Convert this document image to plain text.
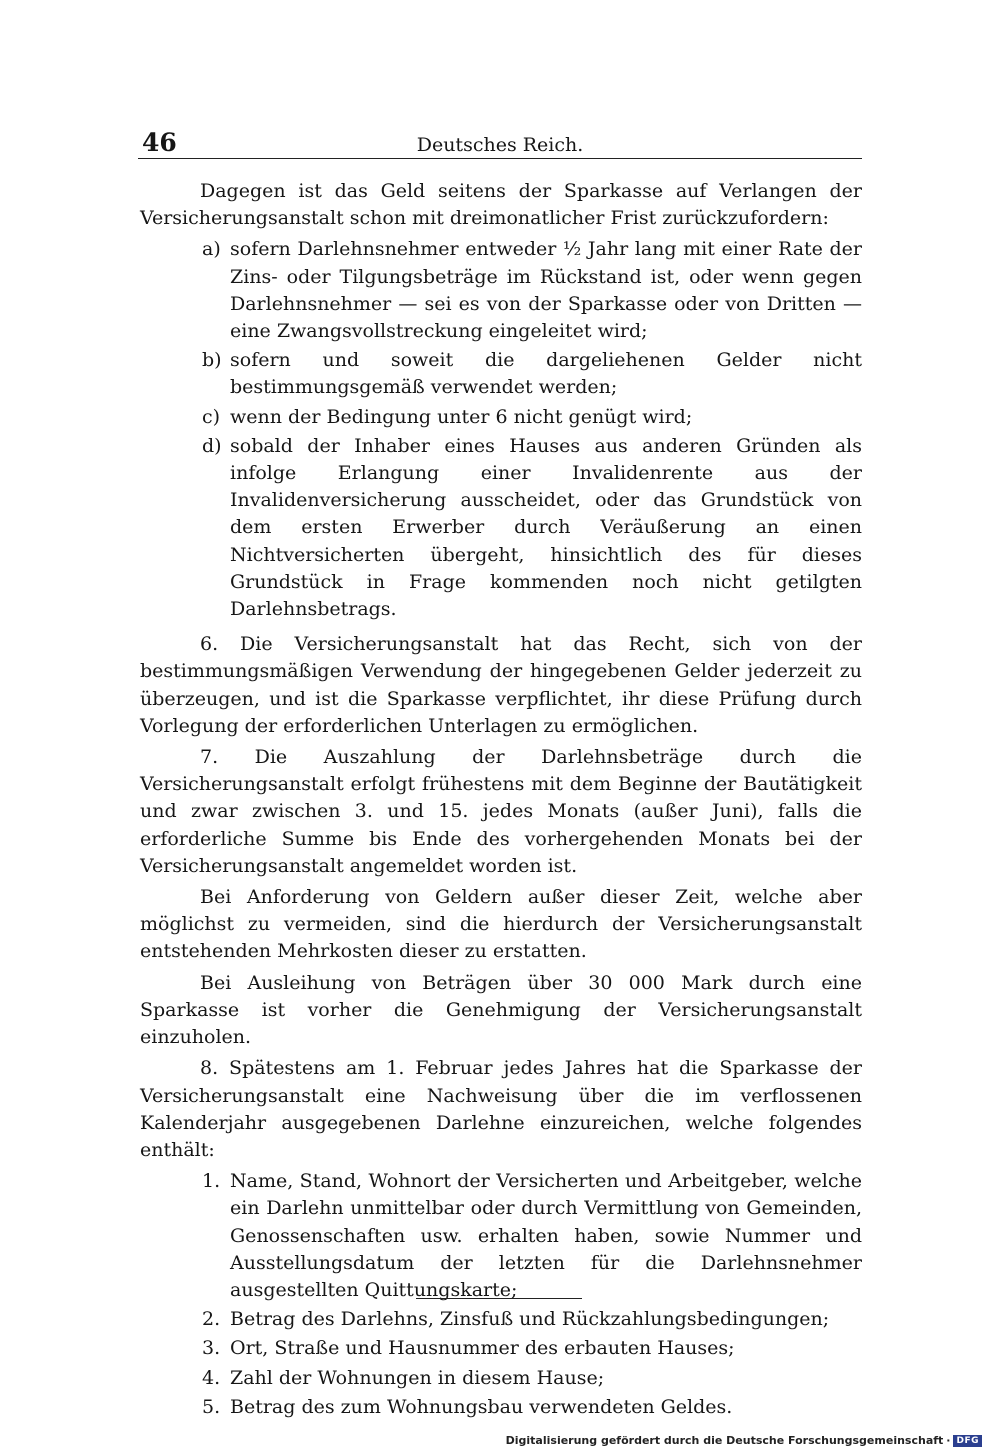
46	Deutsches Reich.

Dagegen ist das Geld seitens der Sparkasse auf Verlangen der Versicherungsanstalt schon mit dreimonatlicher Frist zurückzufordern:

a) sofern Darlehnsnehmer entweder ½ Jahr lang mit einer Rate der Zins- oder Tilgungsbeträge im Rückstand ist, oder wenn gegen Darlehnsnehmer — sei es von der Sparkasse oder von Dritten — eine Zwangsvollstreckung eingeleitet wird;
b) sofern und soweit die dargeliehenen Gelder nicht bestimmungsgemäß verwendet werden;
c) wenn der Bedingung unter 6 nicht genügt wird;
d) sobald der Inhaber eines Hauses aus anderen Gründen als infolge Erlangung einer Invalidenrente aus der Invalidenversicherung ausscheidet, oder das Grundstück von dem ersten Erwerber durch Veräußerung an einen Nichtversicherten übergeht, hinsichtlich des für dieses Grundstück in Frage kommenden noch nicht getilgten Darlehnsbetrags.

6. Die Versicherungsanstalt hat das Recht, sich von der bestimmungsmäßigen Verwendung der hingegebenen Gelder jederzeit zu überzeugen, und ist die Sparkasse verpflichtet, ihr diese Prüfung durch Vorlegung der erforderlichen Unterlagen zu ermöglichen.

7. Die Auszahlung der Darlehnsbeträge durch die Versicherungsanstalt erfolgt frühestens mit dem Beginne der Bautätigkeit und zwar zwischen 3. und 15. jedes Monats (außer Juni), falls die erforderliche Summe bis Ende des vorhergehenden Monats bei der Versicherungsanstalt angemeldet worden ist.

Bei Anforderung von Geldern außer dieser Zeit, welche aber möglichst zu vermeiden, sind die hierdurch der Versicherungsanstalt entstehenden Mehrkosten dieser zu erstatten.

Bei Ausleihung von Beträgen über 30 000 Mark durch eine Sparkasse ist vorher die Genehmigung der Versicherungsanstalt einzuholen.

8. Spätestens am 1. Februar jedes Jahres hat die Sparkasse der Versicherungsanstalt eine Nachweisung über die im verflossenen Kalenderjahr ausgegebenen Darlehne einzureichen, welche folgendes enthält:

1. Name, Stand, Wohnort der Versicherten und Arbeitgeber, welche ein Darlehn unmittelbar oder durch Vermittlung von Gemeinden, Genossenschaften usw. erhalten haben, sowie Nummer und Ausstellungsdatum der letzten für die Darlehnsnehmer ausgestellten Quittungskarte;
2. Betrag des Darlehns, Zinsfuß und Rückzahlungsbedingungen;
3. Ort, Straße und Hausnummer des erbauten Hauses;
4. Zahl der Wohnungen in diesem Hause;
5. Betrag des zum Wohnungsbau verwendeten Geldes.
Digitalisierung gefördert durch die Deutsche Forschungsgemeinschaft · DFG
